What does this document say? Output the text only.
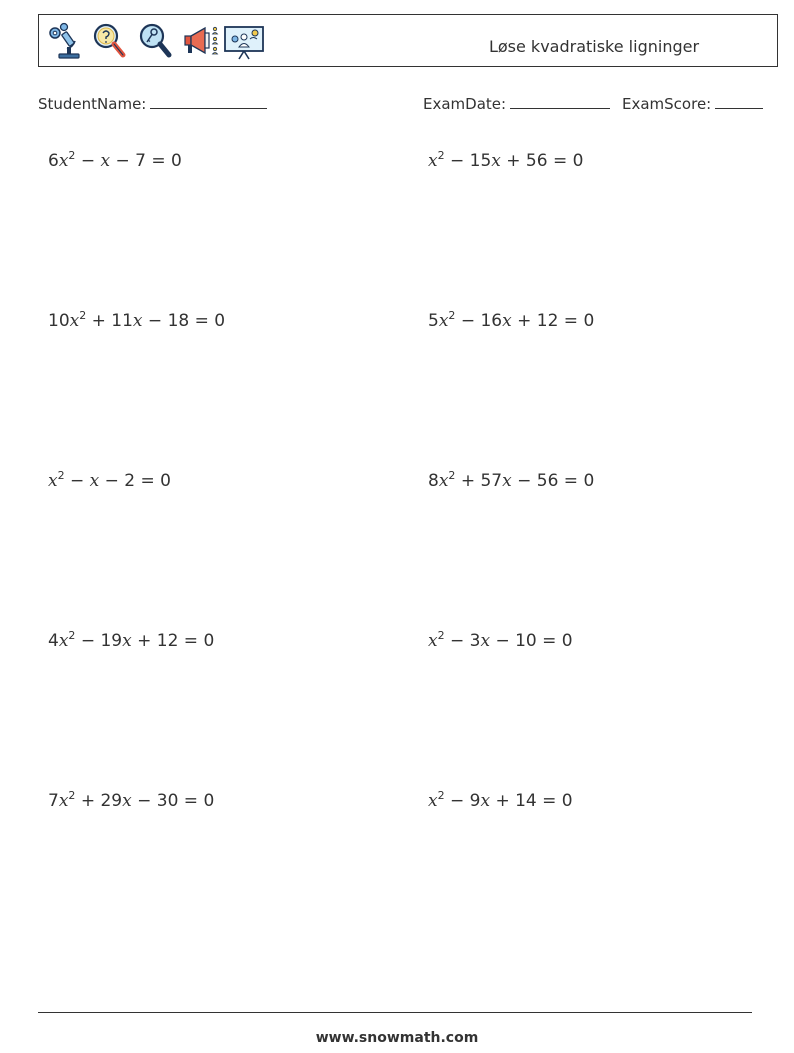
Løse kvadratiske ligninger
StudentName:	ExamDate:	ExamScore:
$6x^2 - x - 7 = 0$	$x^2 - 15x + 56 = 0$
$10x^2 + 11x - 18 = 0$	$5x^2 - 16x + 12 = 0$
$x^2 - x - 2 = 0$	$8x^2 + 57x - 56 = 0$
$4x^2 - 19x + 12 = 0$	$x^2 - 3x - 10 = 0$
$7x^2 + 29x - 30 = 0$	$x^2 - 9x + 14 = 0$
www.snowmath.com
